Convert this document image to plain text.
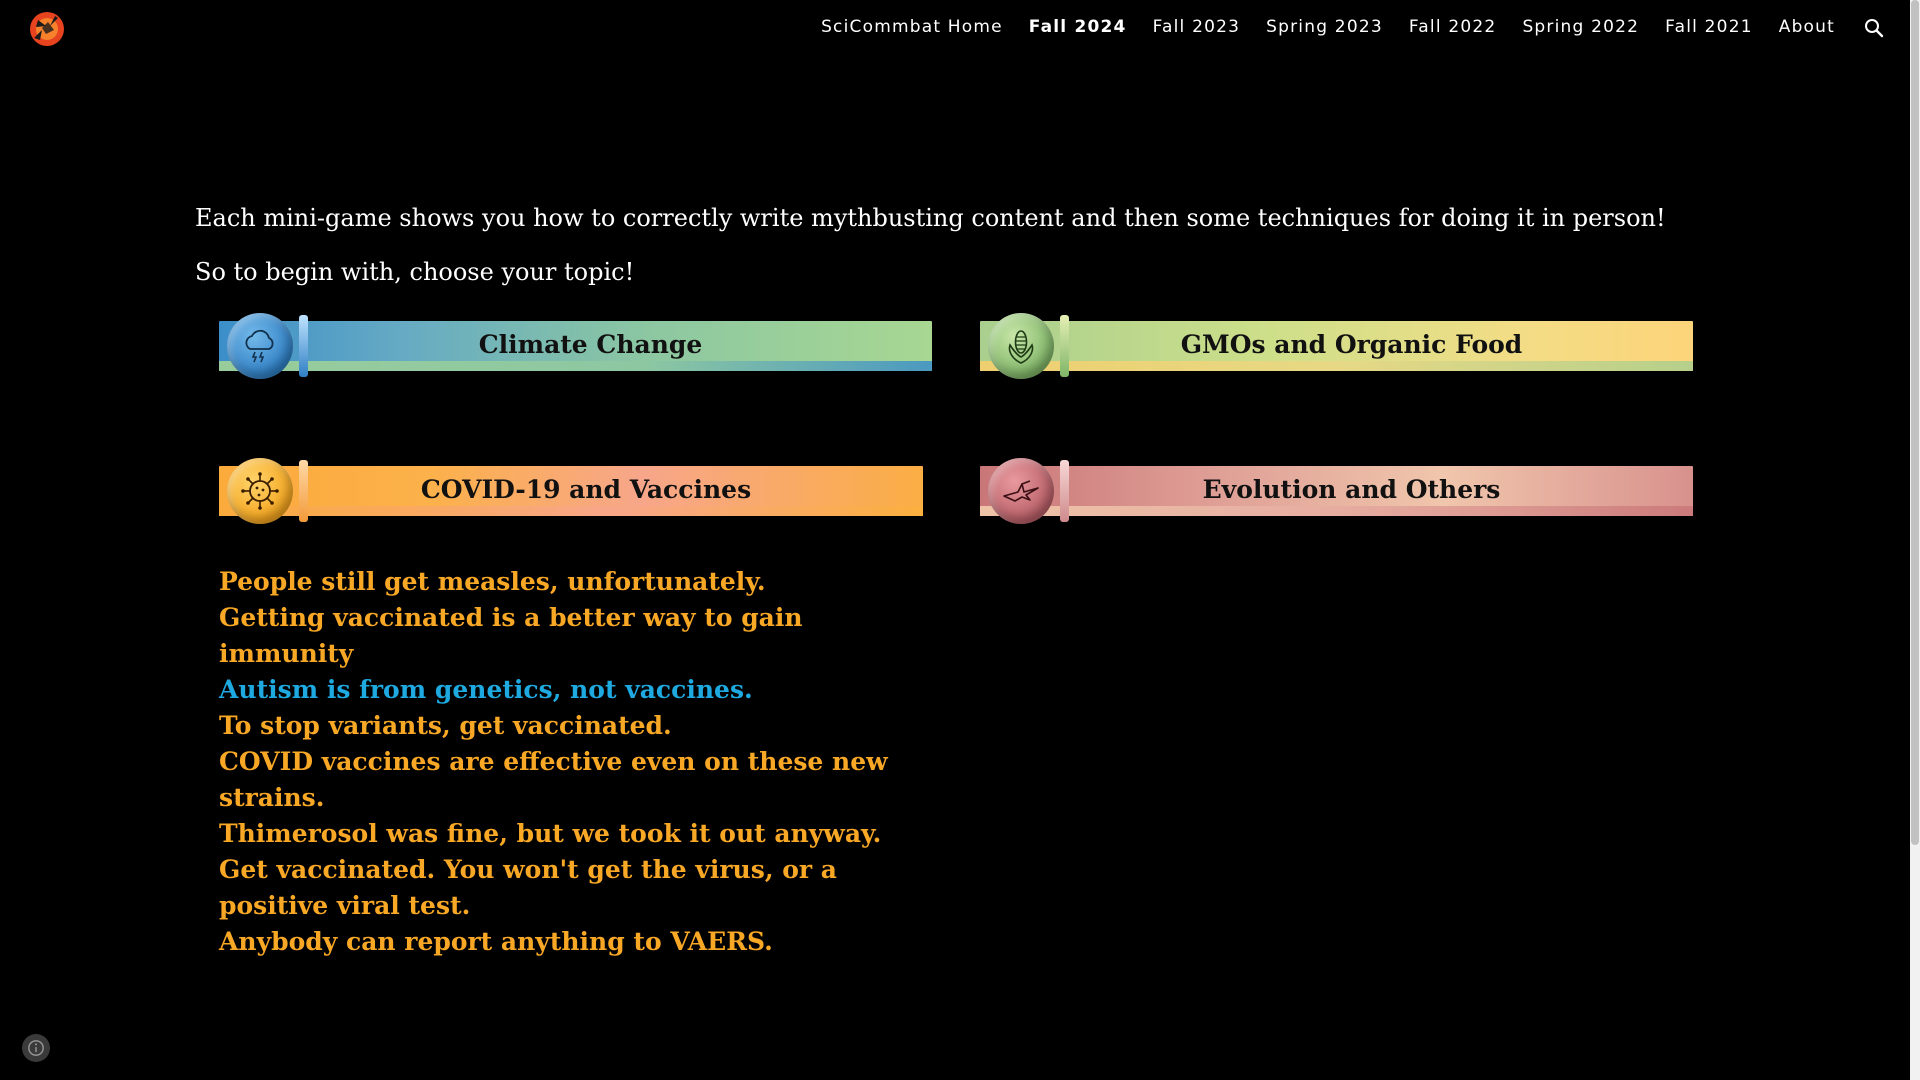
SciCommbat Home	Fall 2024	Fall 2023	Spring 2023	Fall 2022	Spring 2022	Fall 2021	About
Each mini-game shows you how to correctly write mythbusting content and then some techniques for doing it in person!
So to begin with, choose your topic!
Climate Change	GMOs and Organic Food
COVID-19 and Vaccines	Evolution and Others
People still get measles, unfortunately.
Getting vaccinated is a better way to gain immunity
Autism is from genetics, not vaccines.
To stop variants, get vaccinated.
COVID vaccines are effective even on these new strains.
Thimerosol was fine, but we took it out anyway.
Get vaccinated. You won't get the virus, or a positive viral test.
Anybody can report anything to VAERS.
